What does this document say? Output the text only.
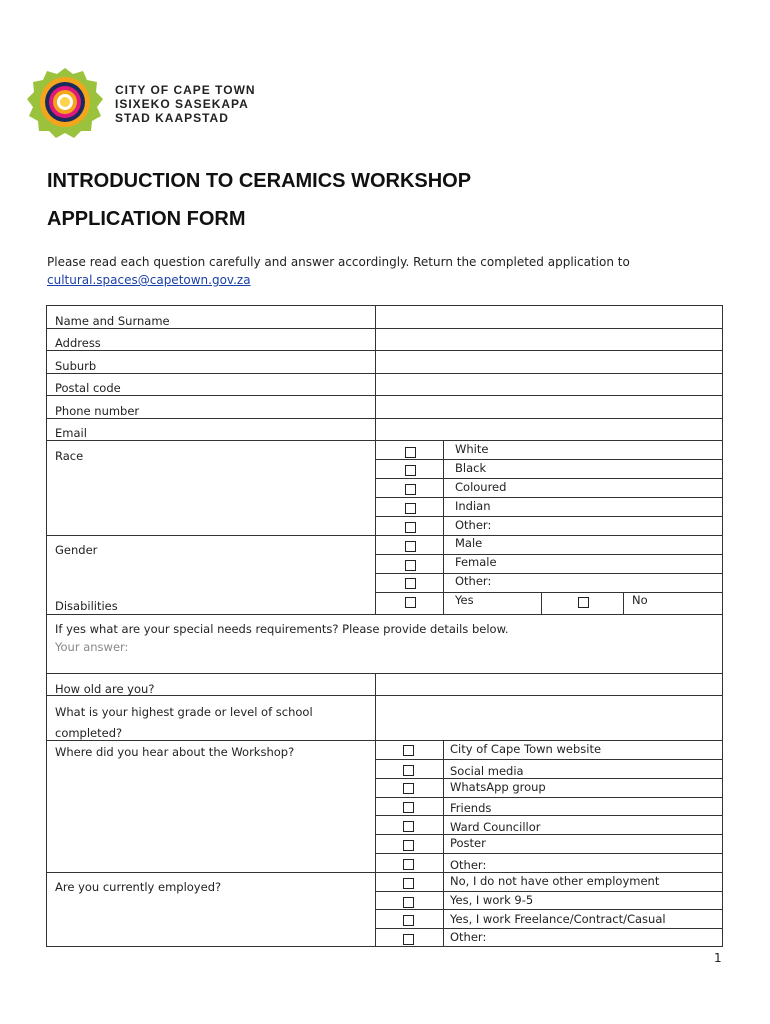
CITY OF CAPE TOWN
ISIXEKO SASEKAPA
STAD KAAPSTAD
INTRODUCTION TO CERAMICS WORKSHOP
APPLICATION FORM
Please read each question carefully and answer accordingly. Return the completed application to
cultural.spaces@capetown.gov.za
Name and Surname
Address
Suburb
Postal code
Phone number
Email
Race
Gender
Disabilities
If yes what are your special needs requirements? Please provide details below.
Your answer:
How old are you?
What is your highest grade or level of school
completed?
Where did you hear about the Workshop?
Are you currently employed?
White
Black
Coloured
Indian
Other:
Male
Female
Other:
Yes	No
City of Cape Town website
Social media
WhatsApp group
Friends
Ward Councillor
Poster
Other:
No, I do not have other employment
Yes, I work 9-5
Yes, I work Freelance/Contract/Casual
Other:
1
